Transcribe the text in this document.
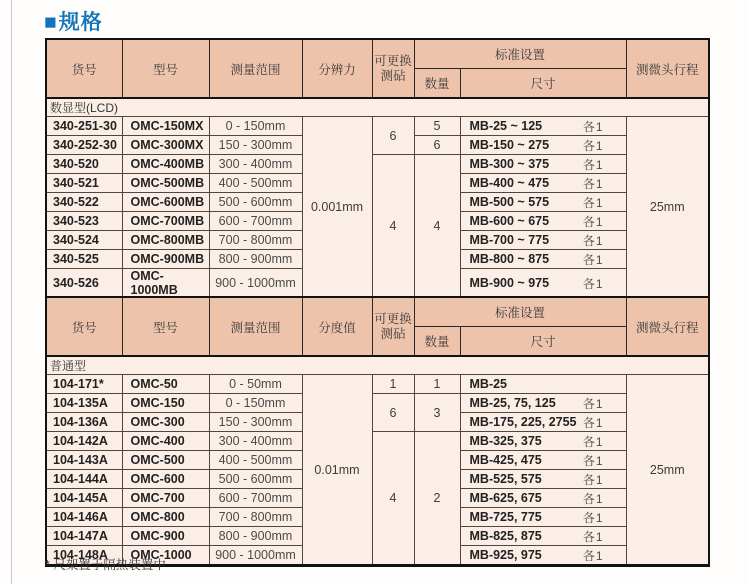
■规格
货号	型号	测量范围	分辨力	可更换
测砧	标准设置		测微头行程
					数量	尺寸	
数显型(LCD)							
340-251-30	OMC-150MX	0 - 150mm	0.001mm	6	5	MB-25 ~ 125 各1	25mm
340-252-30	OMC-300MX	150 - 300mm			6	MB-150 ~ 275 各1	

340-520	OMC-400MB	300 - 400mm		4	4	MB-300 ~ 375 各1	

340-521	OMC-500MB	400 - 500mm				MB-400 ~ 475 各1	

340-522	OMC-600MB	500 - 600mm				MB-500 ~ 575 各1	

340-523	OMC-700MB	600 - 700mm				MB-600 ~ 675 各1	

340-524	OMC-800MB	700 - 800mm				MB-700 ~ 775 各1	

340-525	OMC-900MB	800 - 900mm				MB-800 ~ 875 各1	

340-526	OMC-1000MB	900 - 1000mm				MB-900 ~ 975 各1	
货号	型号	测量范围	分度值	可更换
测砧	标准设置		测微头行程
					数量	尺寸	
普通型							
104-171*	OMC-50	0 - 50mm	0.01mm	1	1	MB-25	25mm
104-135A	OMC-150	0 - 150mm		6	3	MB-25, 75, 125 各1	

104-136A	OMC-300	150 - 300mm				MB-175, 225, 2755 各1	

104-142A	OMC-400	300 - 400mm		4	2	MB-325, 375 各1	

104-143A	OMC-500	400 - 500mm				MB-425, 475 各1	

104-144A	OMC-600	500 - 600mm				MB-525, 575 各1	

104-145A	OMC-700	600 - 700mm				MB-625, 675 各1	

104-146A	OMC-800	700 - 800mm				MB-725, 775 各1	

104-147A	OMC-900	800 - 900mm				MB-825, 875 各1	

104-148A	OMC-1000	900 - 1000mm				MB-925, 975 各1	
* 尺架置于隔热装置中
